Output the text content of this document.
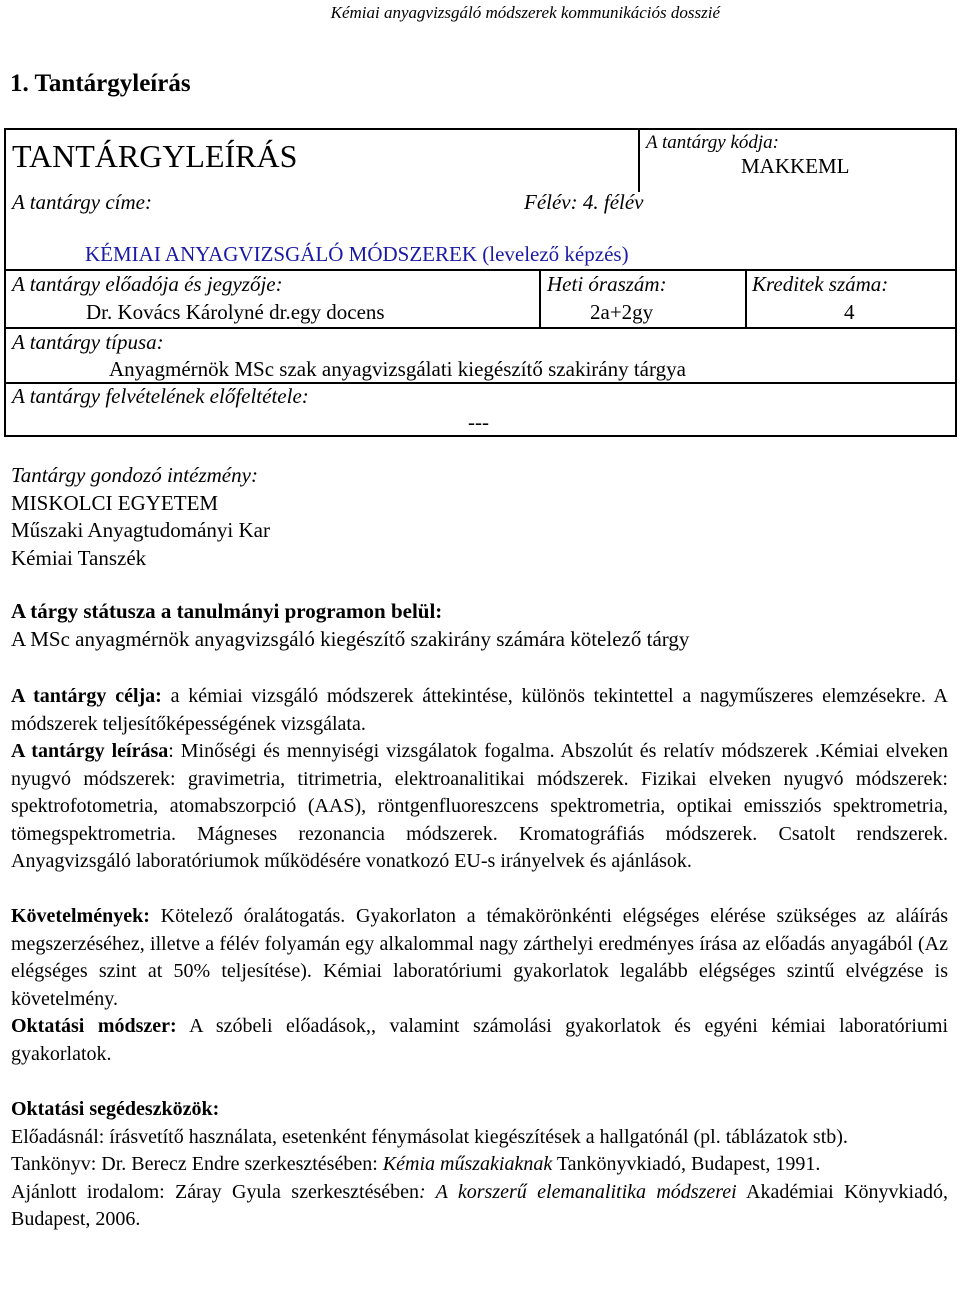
Kémiai anyagvizsgáló módszerek kommunikációs dosszié
1. Tantárgyleírás
TANTÁRGYLEÍRÁS	A tantárgy kódja:
MAKKEML
A tantárgy címe:	Félév: 4. félév
KÉMIAI ANYAGVIZSGÁLÓ MÓDSZEREK (levelező képzés)
A tantárgy előadója és jegyzője:
Dr. Kovács Károlyné dr.egy docens
Heti óraszám:
2a+2gy
Kreditek száma:
4
A tantárgy típusa:
Anyagmérnök MSc szak anyagvizsgálati kiegészítő szakirány tárgya
A tantárgy felvételének előfeltétele:
---
Tantárgy gondozó intézmény:
MISKOLCI EGYETEM
Műszaki Anyagtudományi Kar
Kémiai Tanszék
A tárgy státusza a tanulmányi programon belül:
A MSc anyagmérnök anyagvizsgáló kiegészítő szakirány számára kötelező tárgy

A tantárgy célja: a kémiai vizsgáló módszerek áttekintése, különös tekintettel a nagyműszeres elemzésekre. A módszerek teljesítőképességének vizsgálata.

A tantárgy leírása: Minőségi és mennyiségi vizsgálatok fogalma. Abszolút és relatív módszerek .Kémiai elveken nyugvó módszerek: gravimetria, titrimetria, elektroanalitikai módszerek. Fizikai elveken nyugvó módszerek: spektrofotometria, atomabszorpció (AAS), röntgenfluoreszcens spektrometria, optikai emissziós spektrometria, tömegspektrometria. Mágneses rezonancia módszerek. Kromatográfiás módszerek. Csatolt rendszerek. Anyagvizsgáló laboratóriumok működésére vonatkozó EU-s irányelvek és ajánlások.

Követelmények: Kötelező óralátogatás. Gyakorlaton a témakörönkénti elégséges elérése szükséges az aláírás megszerzéséhez, illetve a félév folyamán egy alkalommal nagy zárthelyi eredményes írása az előadás anyagából (Az elégséges szint at 50% teljesítése). Kémiai laboratóriumi gyakorlatok legalább elégséges szintű elvégzése is követelmény.

Oktatási módszer: A szóbeli előadások,, valamint számolási gyakorlatok és egyéni kémiai laboratóriumi gyakorlatok.

Oktatási segédeszközök:

Előadásnál: írásvetítő használata, esetenként fénymásolat kiegészítések a hallgatónál (pl. táblázatok stb).

Tankönyv: Dr. Berecz Endre szerkesztésében: Kémia műszakiaknak Tankönyvkiadó, Budapest, 1991.

Ajánlott irodalom: Záray Gyula szerkesztésében: A korszerű elemanalitika módszerei Akadémiai Könyvkiadó, Budapest, 2006.
